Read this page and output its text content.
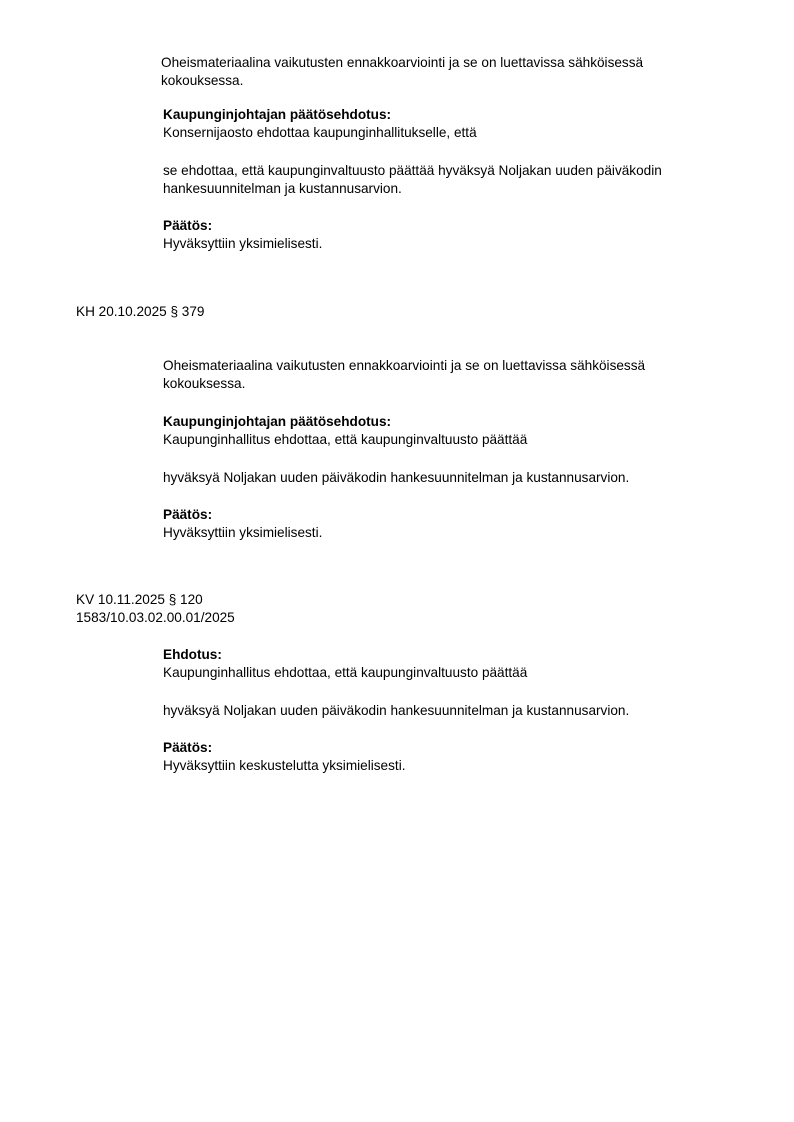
Oheismateriaalina vaikutusten ennakkoarviointi ja se on luettavissa sähköisessä

kokouksessa.

Kaupunginjohtajan päätösehdotus:

Konsernijaosto ehdottaa kaupunginhallitukselle, että

se ehdottaa, että kaupunginvaltuusto päättää hyväksyä Noljakan uuden päiväkodin

hankesuunnitelman ja kustannusarvion.

Päätös:

Hyväksyttiin yksimielisesti.

KH 20.10.2025 § 379

Oheismateriaalina vaikutusten ennakkoarviointi ja se on luettavissa sähköisessä

kokouksessa.

Kaupunginjohtajan päätösehdotus:

Kaupunginhallitus ehdottaa, että kaupunginvaltuusto päättää

hyväksyä Noljakan uuden päiväkodin hankesuunnitelman ja kustannusarvion.

Päätös:

Hyväksyttiin yksimielisesti.

KV 10.11.2025 § 120

1583/10.03.02.00.01/2025

Ehdotus:

Kaupunginhallitus ehdottaa, että kaupunginvaltuusto päättää

hyväksyä Noljakan uuden päiväkodin hankesuunnitelman ja kustannusarvion.

Päätös:

Hyväksyttiin keskustelutta yksimielisesti.
